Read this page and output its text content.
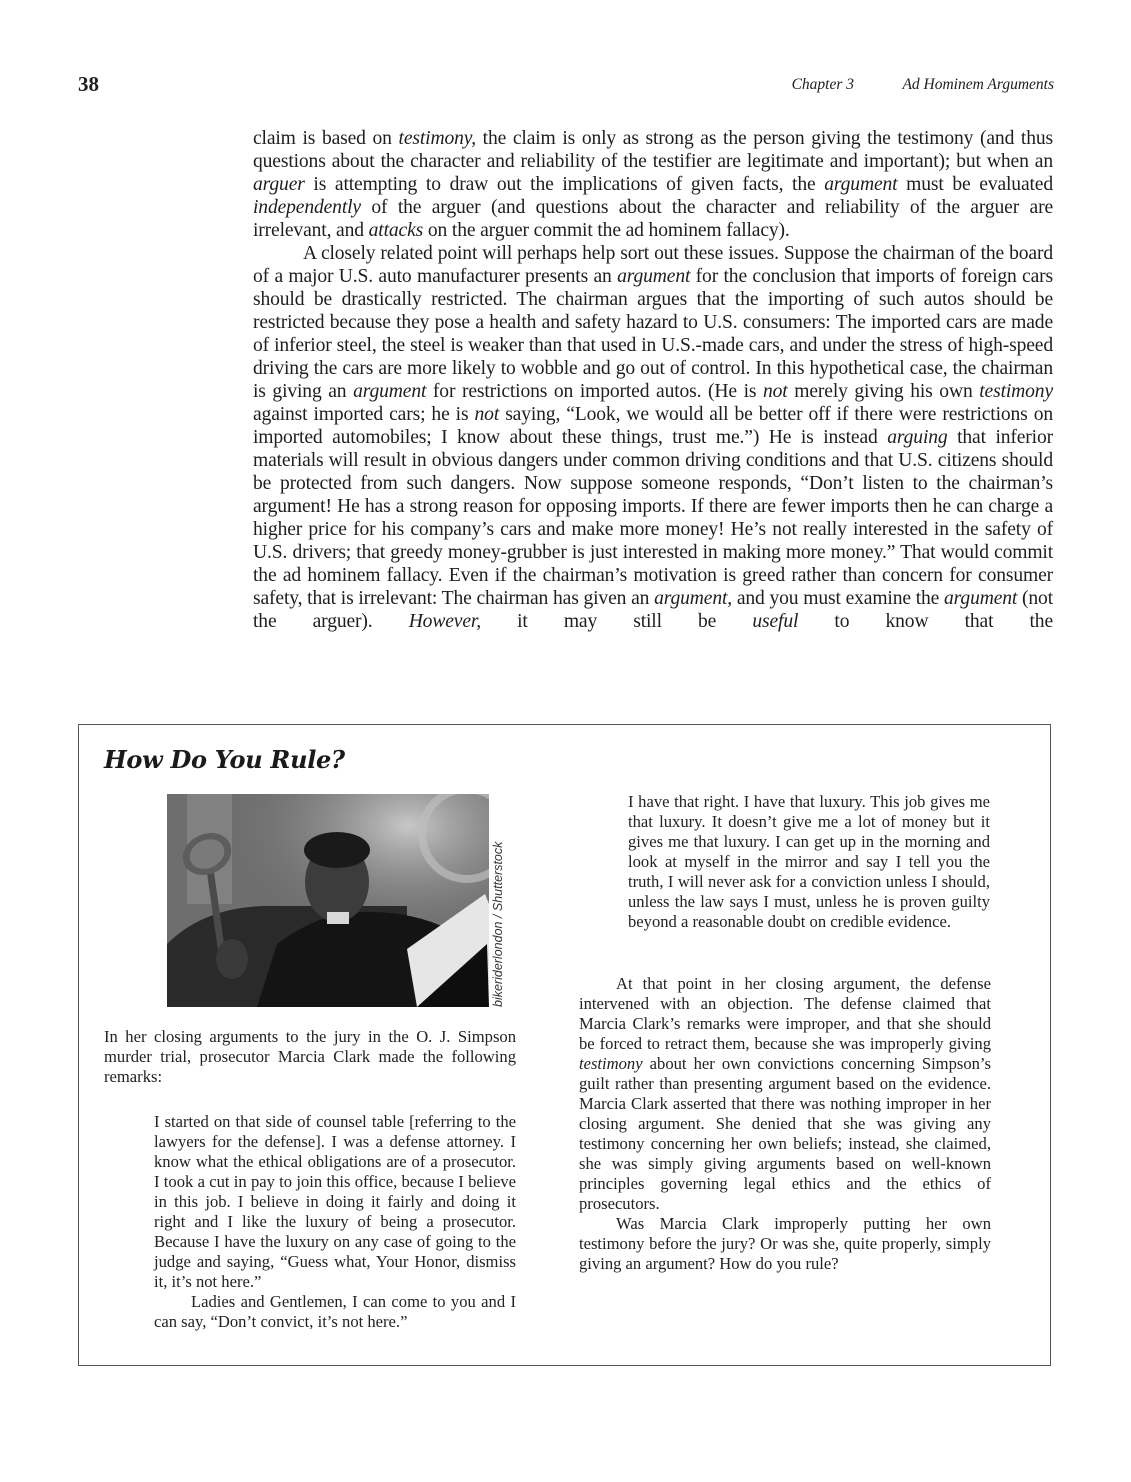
38	Chapter 3	Ad Hominem Arguments

claim is based on testimony, the claim is only as strong as the person giving the testimony (and thus questions about the character and reliability of the testifier are legitimate and important); but when an arguer is attempting to draw out the implications of given facts, the argument must be evaluated independently of the arguer (and questions about the character and reliability of the arguer are irrelevant, and attacks on the arguer commit the ad hominem fallacy).

A closely related point will perhaps help sort out these issues. Suppose the chairman of the board of a major U.S. auto manufacturer presents an argument for the conclusion that imports of foreign cars should be drastically restricted. The chairman argues that the importing of such autos should be restricted because they pose a health and safety hazard to U.S. consumers: The imported cars are made of inferior steel, the steel is weaker than that used in U.S.-made cars, and under the stress of high-speed driving the cars are more likely to wobble and go out of control. In this hypothetical case, the chairman is giving an argument for restrictions on imported autos. (He is not merely giving his own testimony against imported cars; he is not saying, “Look, we would all be better off if there were restrictions on imported automobiles; I know about these things, trust me.”) He is instead arguing that inferior materials will result in obvious dangers under common driving conditions and that U.S. citizens should be protected from such dangers. Now suppose someone responds, “Don’t listen to the chairman’s argument! He has a strong reason for opposing imports. If there are fewer imports then he can charge a higher price for his company’s cars and make more money! He’s not really interested in the safety of U.S. drivers; that greedy money-grubber is just interested in making more money.” That would commit the ad hominem fallacy. Even if the chairman’s motivation is greed rather than concern for consumer safety, that is irrelevant: The chairman has given an argument, and you must examine the argument (not the arguer). However, it may still be useful to know that the

How Do You Rule?
bikeriderlondon / Shutterstock

In her closing arguments to the jury in the O. J. Simpson murder trial, prosecutor Marcia Clark made the following remarks:

I started on that side of counsel table [referring to the lawyers for the defense]. I was a defense attorney. I know what the ethical obligations are of a prosecutor. I took a cut in pay to join this office, because I believe in this job. I believe in doing it fairly and doing it right and I like the luxury of being a prosecutor. Because I have the luxury on any case of going to the judge and saying, “Guess what, Your Honor, dismiss it, it’s not here.”

Ladies and Gentlemen, I can come to you and I can say, “Don’t convict, it’s not here.”

I have that right. I have that luxury. This job gives me that luxury. It doesn’t give me a lot of money but it gives me that luxury. I can get up in the morning and look at myself in the mirror and say I tell you the truth, I will never ask for a conviction unless I should, unless the law says I must, unless he is proven guilty beyond a reasonable doubt on credible evidence.

At that point in her closing argument, the defense intervened with an objection. The defense claimed that Marcia Clark’s remarks were improper, and that she should be forced to retract them, because she was improperly giving testimony about her own convictions concerning Simpson’s guilt rather than presenting argument based on the evidence. Marcia Clark asserted that there was nothing improper in her closing argument. She denied that she was giving any testimony concerning her own beliefs; instead, she claimed, she was simply giving arguments based on well-known principles governing legal ethics and the ethics of prosecutors.

Was Marcia Clark improperly putting her own testimony before the jury? Or was she, quite properly, simply giving an argument? How do you rule?
